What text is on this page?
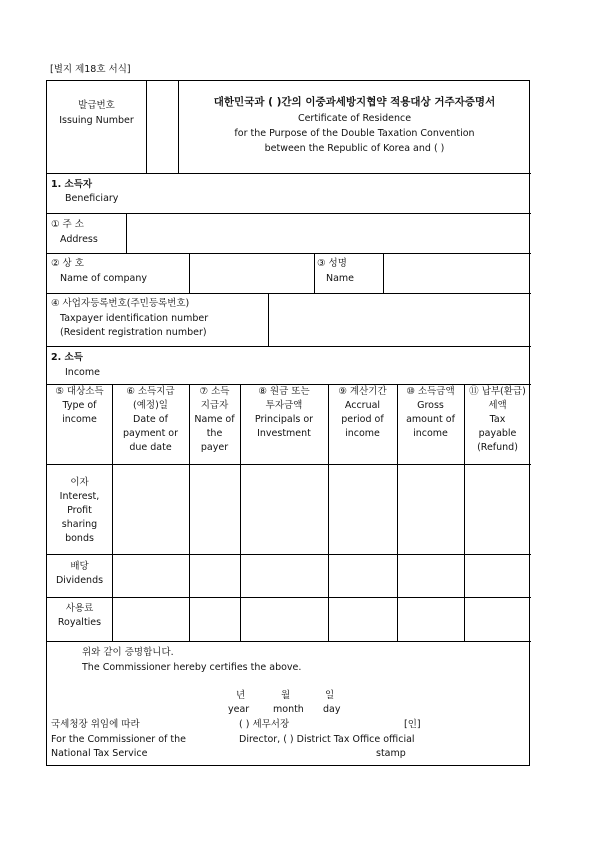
[별지 제18호 서식]
발급번호
Issuing Number
대한민국과 ( )간의 이중과세방지협약 적용대상 거주자증명서
Certificate of Residence
for the Purpose of the Double Taxation Convention
between the Republic of Korea and ( )
1. 소득자
Beneficiary
① 주 소
Address
② 상 호
Name of company
③ 성명
Name
④ 사업자등록번호(주민등록번호)
Taxpayer identification number
(Resident registration number)
2. 소득
Income
⑤ 대상소득
Type of
income
⑥ 소득지급
(예정)일
Date of
payment or
due date
⑦ 소득
지급자
Name of
the
payer
⑧ 원금 또는
투자금액
Principals or
Investment
⑨ 계산기간
Accrual
period of
income
⑩ 소득금액
Gross
amount of
income
⑪ 납부(환급)
세액
Tax
payable
(Refund)
이자
Interest,
Profit
sharing
bonds
배당
Dividends
사용료
Royalties
위와 같이 증명합니다.
The Commissioner hereby certifies the above.
년	월	일
year	month day
국세청장 위임에 따라	( ) 세무서장	[인]
For the Commissioner of the	Director, ( ) District Tax Office official
National Tax Service	stamp
